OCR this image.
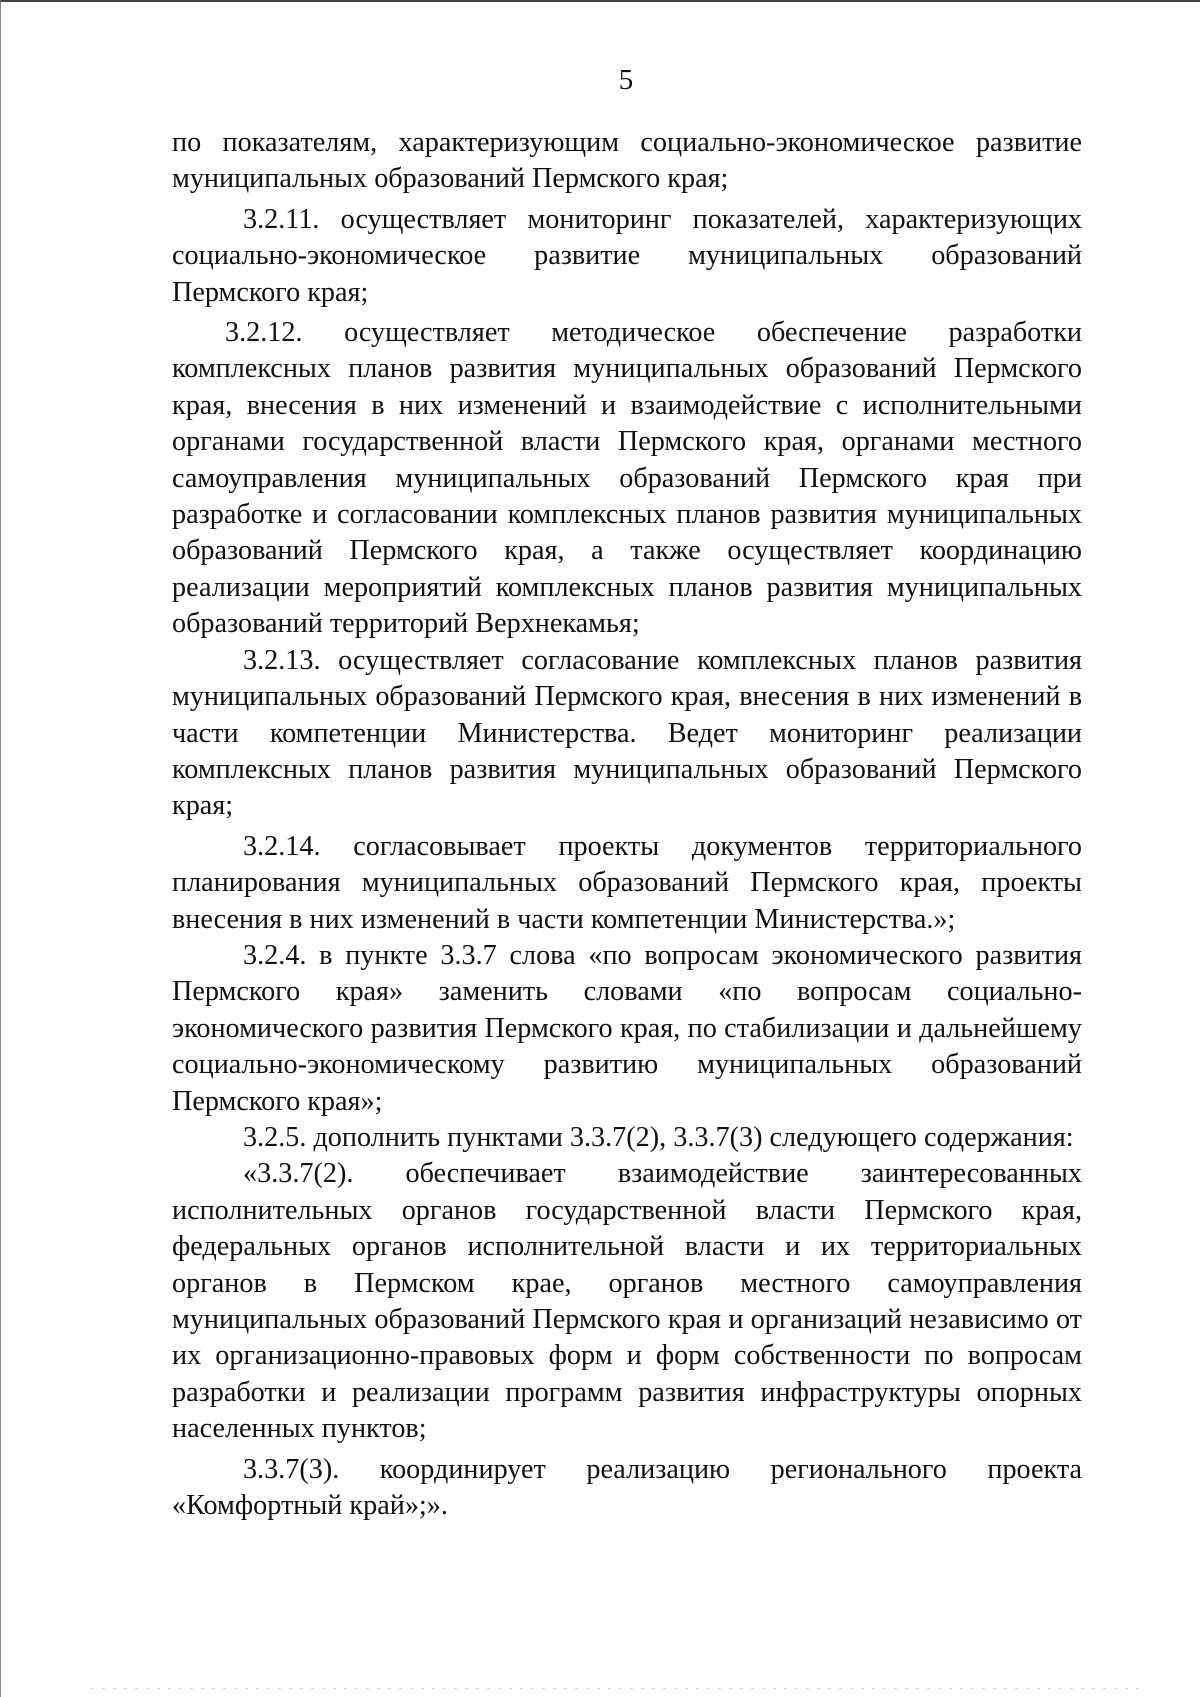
5

по показателям, характеризующим социально-экономическое развитие муниципальных образований Пермского края;

3.2.11. осуществляет мониторинг показателей, характеризующих социально-экономическое развитие муниципальных образований Пермского края;

3.2.12. осуществляет методическое обеспечение разработки комплексных планов развития муниципальных образований Пермского края, внесения в них изменений и взаимодействие с исполнительными органами государственной власти Пермского края, органами местного самоуправления муниципальных образований Пермского края при разработке и согласовании комплексных планов развития муниципальных образований Пермского края, а также осуществляет координацию реализации мероприятий комплексных планов развития муниципальных образований территорий Верхнекамья;

3.2.13. осуществляет согласование комплексных планов развития муниципальных образований Пермского края, внесения в них изменений в части компетенции Министерства. Ведет мониторинг реализации комплексных планов развития муниципальных образований Пермского края;

3.2.14. согласовывает проекты документов территориального планирования муниципальных образований Пермского края, проекты внесения в них изменений в части компетенции Министерства.»;

3.2.4. в пункте 3.3.7 слова «по вопросам экономического развития Пермского края» заменить словами «по вопросам социально-экономического развития Пермского края, по стабилизации и дальнейшему социально-экономическому развитию муниципальных образований Пермского края»;

3.2.5. дополнить пунктами 3.3.7(2), 3.3.7(3) следующего содержания:

«3.3.7(2). обеспечивает взаимодействие заинтересованных исполнительных органов государственной власти Пермского края, федеральных органов исполнительной власти и их территориальных органов в Пермском крае, органов местного самоуправления муниципальных образований Пермского края и организаций независимо от их организационно-правовых форм и форм собственности по вопросам разработки и реализации программ развития инфраструктуры опорных населенных пунктов;

3.3.7(3). координирует реализацию регионального проекта «Комфортный край»;».
